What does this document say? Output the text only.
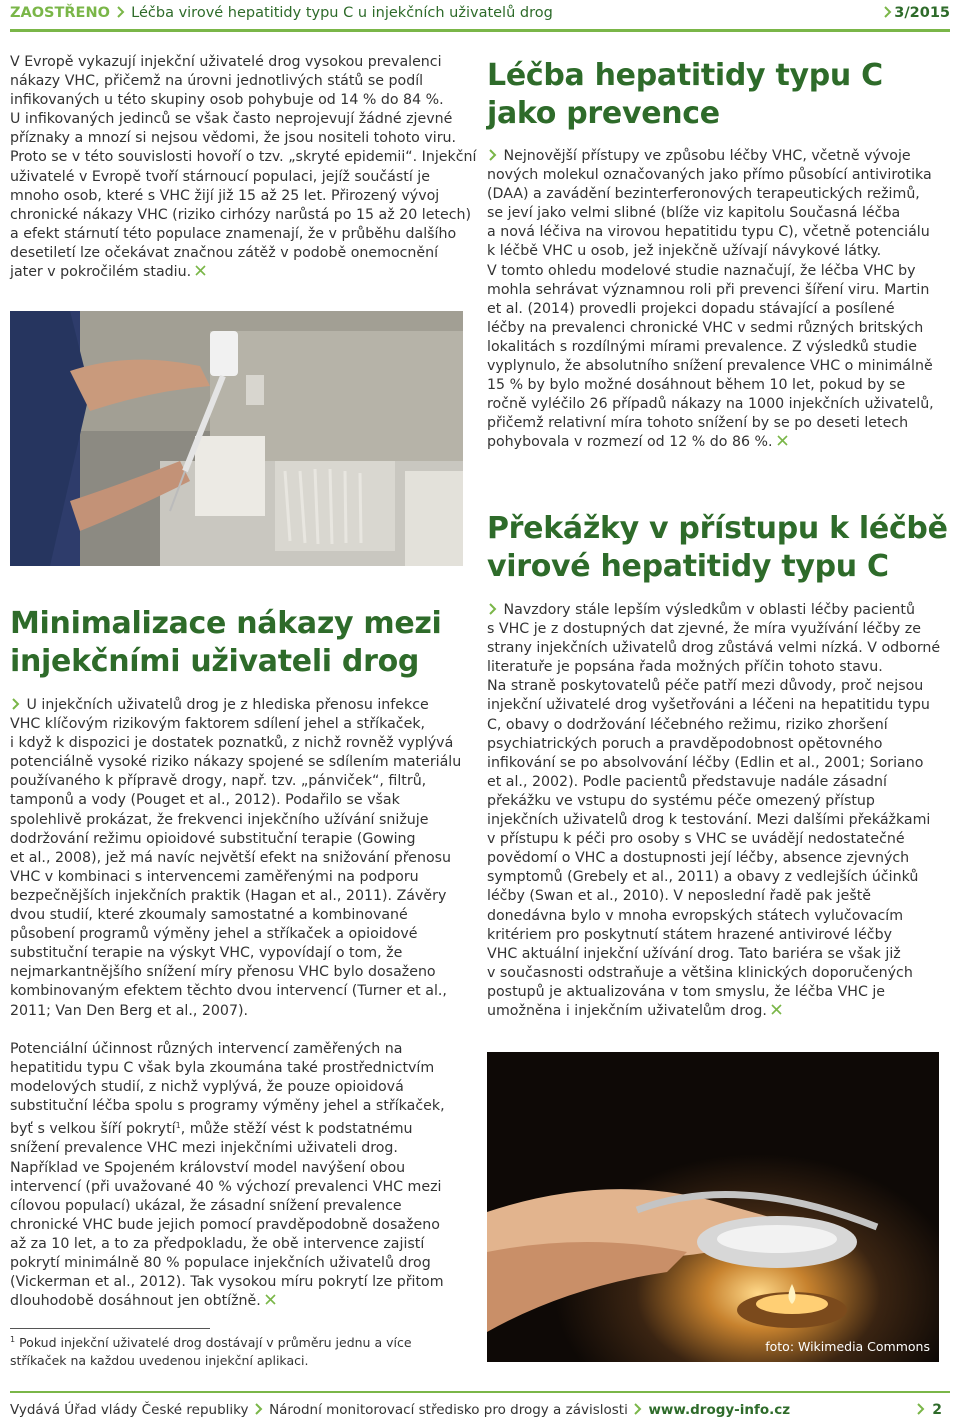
ZAOSTŘENO Léčba virové hepatitidy typu C u injekčních uživatelů drog	3/2015

V Evropě vykazují injekční uživatelé drog vysokou prevalenci

nákazy VHC, přičemž na úrovni jednotlivých států se podíl

infikovaných u této skupiny osob pohybuje od 14 % do 84 %.

U infikovaných jedinců se však často neprojevují žádné zjevné

příznaky a mnozí si nejsou vědomi, že jsou nositeli tohoto viru.

Proto se v této souvislosti hovoří o tzv. „skryté epidemii“. Injekční

uživatelé v Evropě tvoří stárnoucí populaci, jejíž součástí je

mnoho osob, které s VHC žijí již 15 až 25 let. Přirozený vývoj

chronické nákazy VHC (riziko cirhózy narůstá po 15 až 20 letech)

a efekt stárnutí této populace znamenají, že v průběhu dalšího

desetiletí lze očekávat značnou zátěž v podobě onemocnění

jater v pokročilém stadiu.

Léčba hepatitidy typu C

jako prevence

Nejnovější přístupy ve způsobu léčby VHC, včetně vývoje

nových molekul označovaných jako přímo působící antivirotika

(DAA) a zavádění bezinterferonových terapeutických režimů,

se jeví jako velmi slibné (blíže viz kapitolu Současná léčba

a nová léčiva na virovou hepatitidu typu C), včetně potenciálu

k léčbě VHC u osob, jež injekčně užívají návykové látky.

V tomto ohledu modelové studie naznačují, že léčba VHC by

mohla sehrávat významnou roli při prevenci šíření viru. Martin

et al. (2014) provedli projekci dopadu stávající a posílené

léčby na prevalenci chronické VHC v sedmi různých britských

lokalitách s rozdílnými mírami prevalence. Z výsledků studie

vyplynulo, že absolutního snížení prevalence VHC o minimálně

15 % by bylo možné dosáhnout během 10 let, pokud by se

ročně vyléčilo 26 případů nákazy na 1000 injekčních uživatelů,

přičemž relativní míra tohoto snížení by se po deseti letech

pohybovala v rozmezí od 12 % do 86 %.

Překážky v přístupu k léčbě

virové hepatitidy typu C

Navzdory stále lepším výsledkům v oblasti léčby pacientů

s VHC je z dostupných dat zjevné, že míra využívání léčby ze

strany injekčních uživatelů drog zůstává velmi nízká. V odborné

literatuře je popsána řada možných příčin tohoto stavu.

Na straně poskytovatelů péče patří mezi důvody, proč nejsou

injekční uživatelé drog vyšetřováni a léčeni na hepatitidu typu

C, obavy o dodržování léčebného režimu, riziko zhoršení

psychiatrických poruch a pravděpodobnost opětovného

infikování se po absolvování léčby (Edlin et al., 2001; Soriano

et al., 2002). Podle pacientů představuje nadále zásadní

překážku ve vstupu do systému péče omezený přístup

injekčních uživatelů drog k testování. Mezi dalšími překážkami

v přístupu k péči pro osoby s VHC se uvádějí nedostatečné

povědomí o VHC a dostupnosti její léčby, absence zjevných

symptomů (Grebely et al., 2011) a obavy z vedlejších účinků

léčby (Swan et al., 2010). V neposlední řadě pak ještě

donedávna bylo v mnoha evropských státech vylučovacím

kritériem pro poskytnutí státem hrazené antivirové léčby

VHC aktuální injekční užívání drog. Tato bariéra se však již

v současnosti odstraňuje a většina klinických doporučených

postupů je aktualizována v tom smyslu, že léčba VHC je

umožněna i injekčním uživatelům drog.

Minimalizace nákazy mezi

injekčními uživateli drog

U injekčních uživatelů drog je z hlediska přenosu infekce

VHC klíčovým rizikovým faktorem sdílení jehel a stříkaček,

i když k dispozici je dostatek poznatků, z nichž rovněž vyplývá

potenciálně vysoké riziko nákazy spojené se sdílením materiálu

používaného k přípravě drogy, např. tzv. „pánviček“, filtrů,

tamponů a vody (Pouget et al., 2012). Podařilo se však

spolehlivě prokázat, že frekvenci injekčního užívání snižuje

dodržování režimu opioidové substituční terapie (Gowing

et al., 2008), jež má navíc největší efekt na snižování přenosu

VHC v kombinaci s intervencemi zaměřenými na podporu

bezpečnějších injekčních praktik (Hagan et al., 2011). Závěry

dvou studií, které zkoumaly samostatné a kombinované

působení programů výměny jehel a stříkaček a opioidové

substituční terapie na výskyt VHC, vypovídají o tom, že

nejmarkantnějšího snížení míry přenosu VHC bylo dosaženo

kombinovaným efektem těchto dvou intervencí (Turner et al.,

2011; Van Den Berg et al., 2007).

Potenciální účinnost různých intervencí zaměřených na

hepatitidu typu C však byla zkoumána také prostřednictvím

modelových studií, z nichž vyplývá, že pouze opioidová

substituční léčba spolu s programy výměny jehel a stříkaček,

byť s velkou šíří pokrytí$^1$, může stěží vést k podstatnému

snížení prevalence VHC mezi injekčními uživateli drog.

Například ve Spojeném království model navýšení obou

intervencí (při uvažované 40 % výchozí prevalenci VHC mezi

cílovou populací) ukázal, že zásadní snížení prevalence

chronické VHC bude jejich pomocí pravděpodobně dosaženo

až za 10 let, a to za předpokladu, že obě intervence zajistí

pokrytí minimálně 80 % populace injekčních uživatelů drog

(Vickerman et al., 2012). Tak vysokou míru pokrytí lze přitom

dlouhodobě dosáhnout jen obtížně.

foto: Wikimedia Commons

$^1$ Pokud injekční uživatelé drog dostávají v průměru jednu a více

stříkaček na každou uvedenou injekční aplikaci.

Vydává Úřad vlády České republiky Národní monitorovací středisko pro drogy a závislosti www.drogy-info.cz	2
